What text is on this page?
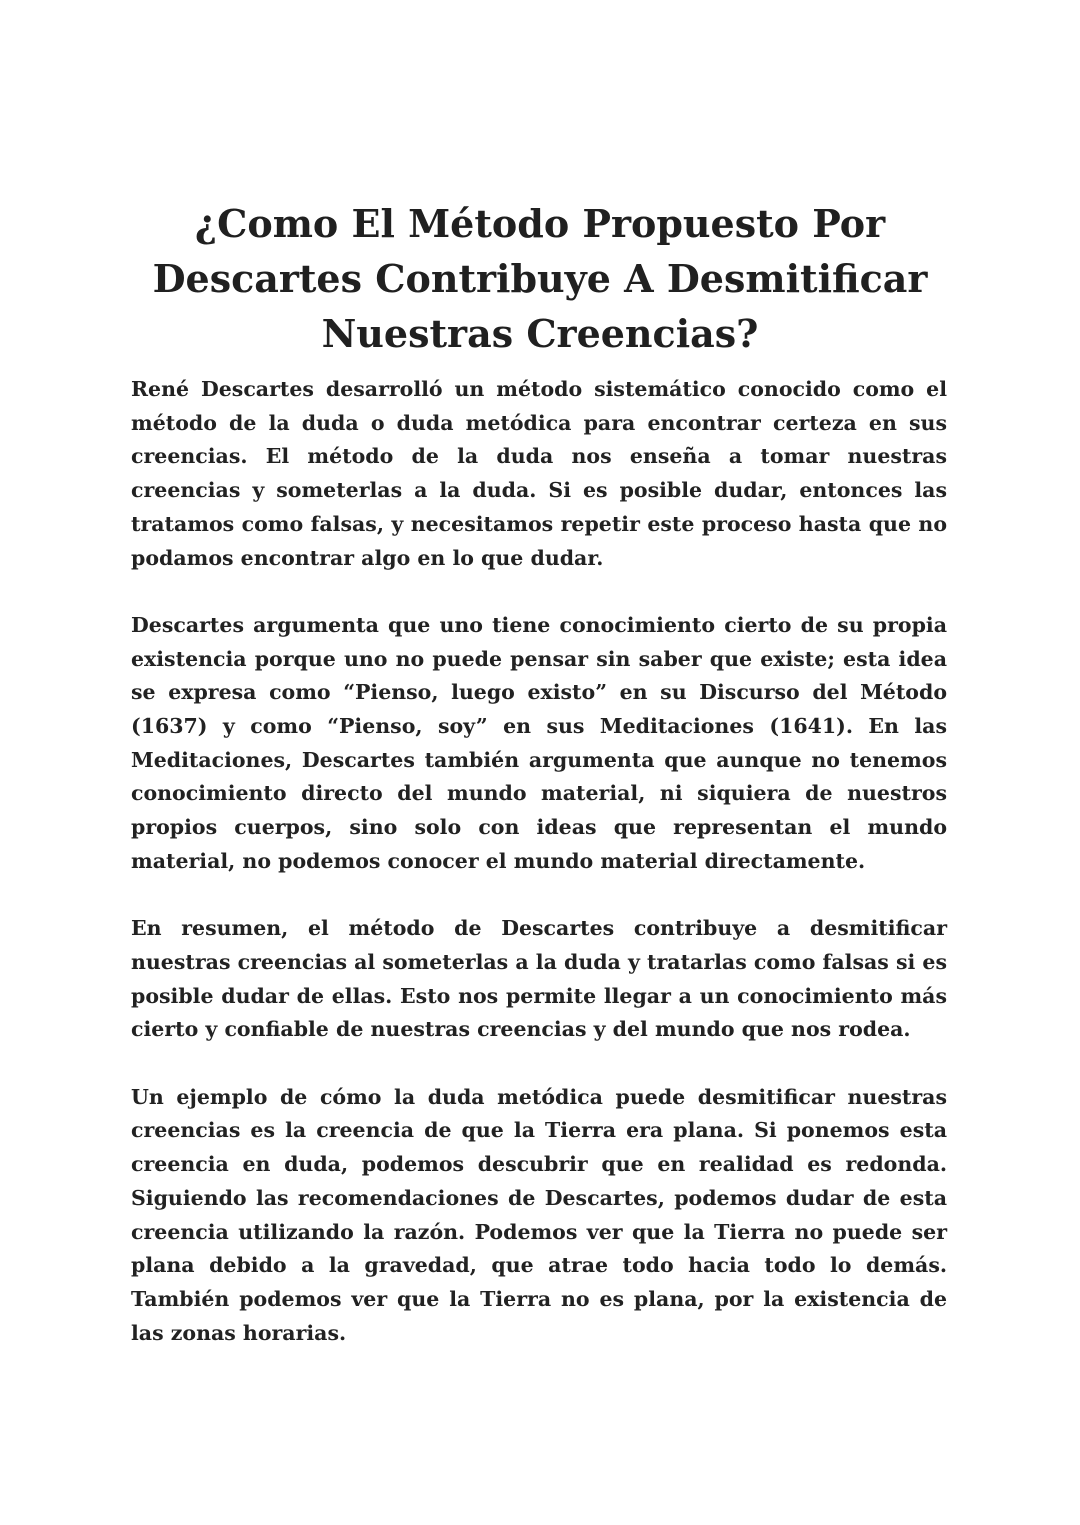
¿Como El Método Propuesto Por Descartes Contribuye A Desmitificar Nuestras Creencias?

René Descartes desarrolló un método sistemático conocido como el método de la duda o duda metódica para encontrar certeza en sus creencias. El método de la duda nos enseña a tomar nuestras creencias y someterlas a la duda. Si es posible dudar, entonces las tratamos como falsas, y necesitamos repetir este proceso hasta que no podamos encontrar algo en lo que dudar.

Descartes argumenta que uno tiene conocimiento cierto de su propia existencia porque uno no puede pensar sin saber que existe; esta idea se expresa como “Pienso, luego existo” en su Discurso del Método (1637) y como “Pienso, soy” en sus Meditaciones (1641). En las Meditaciones, Descartes también argumenta que aunque no tenemos conocimiento directo del mundo material, ni siquiera de nuestros propios cuerpos, sino solo con ideas que representan el mundo material, no podemos conocer el mundo material directamente.

En resumen, el método de Descartes contribuye a desmitificar nuestras creencias al someterlas a la duda y tratarlas como falsas si es posible dudar de ellas. Esto nos permite llegar a un conocimiento más cierto y confiable de nuestras creencias y del mundo que nos rodea.

Un ejemplo de cómo la duda metódica puede desmitificar nuestras creencias es la creencia de que la Tierra era plana. Si ponemos esta creencia en duda, podemos descubrir que en realidad es redonda. Siguiendo las recomendaciones de Descartes, podemos dudar de esta creencia utilizando la razón. Podemos ver que la Tierra no puede ser plana debido a la gravedad, que atrae todo hacia todo lo demás. También podemos ver que la Tierra no es plana, por la existencia de las zonas horarias.
